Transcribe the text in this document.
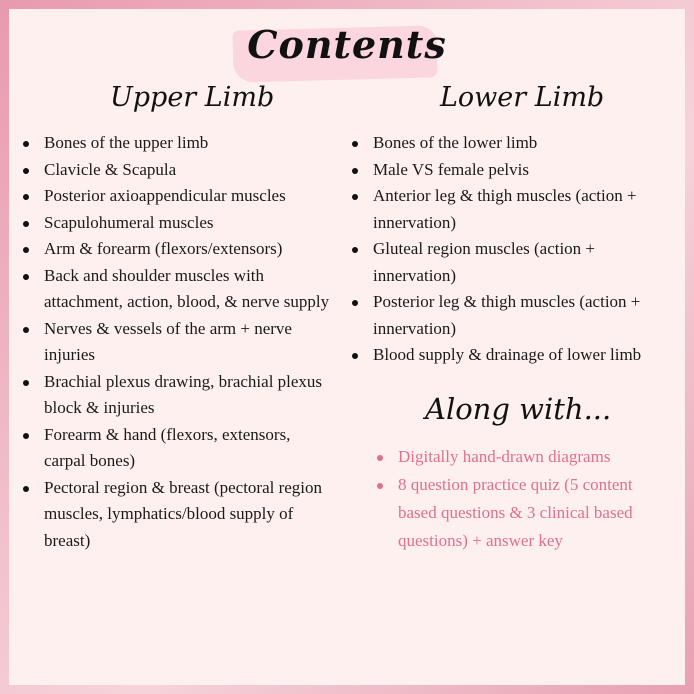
Contents
Upper Limb	Lower Limb
Bones of the upper limb
Clavicle & Scapula
Posterior axioappendicular muscles
Scapulohumeral muscles
Arm & forearm (flexors/extensors)
Back and shoulder muscles with attachment, action, blood, & nerve supply
Nerves & vessels of the arm + nerve injuries
Brachial plexus drawing, brachial plexus block & injuries
Forearm & hand (flexors, extensors, carpal bones)
Pectoral region & breast (pectoral region muscles, lymphatics/blood supply of breast)
Bones of the lower limb
Male VS female pelvis
Anterior leg & thigh muscles (action + innervation)
Gluteal region muscles (action + innervation)
Posterior leg & thigh muscles (action + innervation)
Blood supply & drainage of lower limb
Along with...
Digitally hand-drawn diagrams
8 question practice quiz (5 content based questions & 3 clinical based questions) + answer key
